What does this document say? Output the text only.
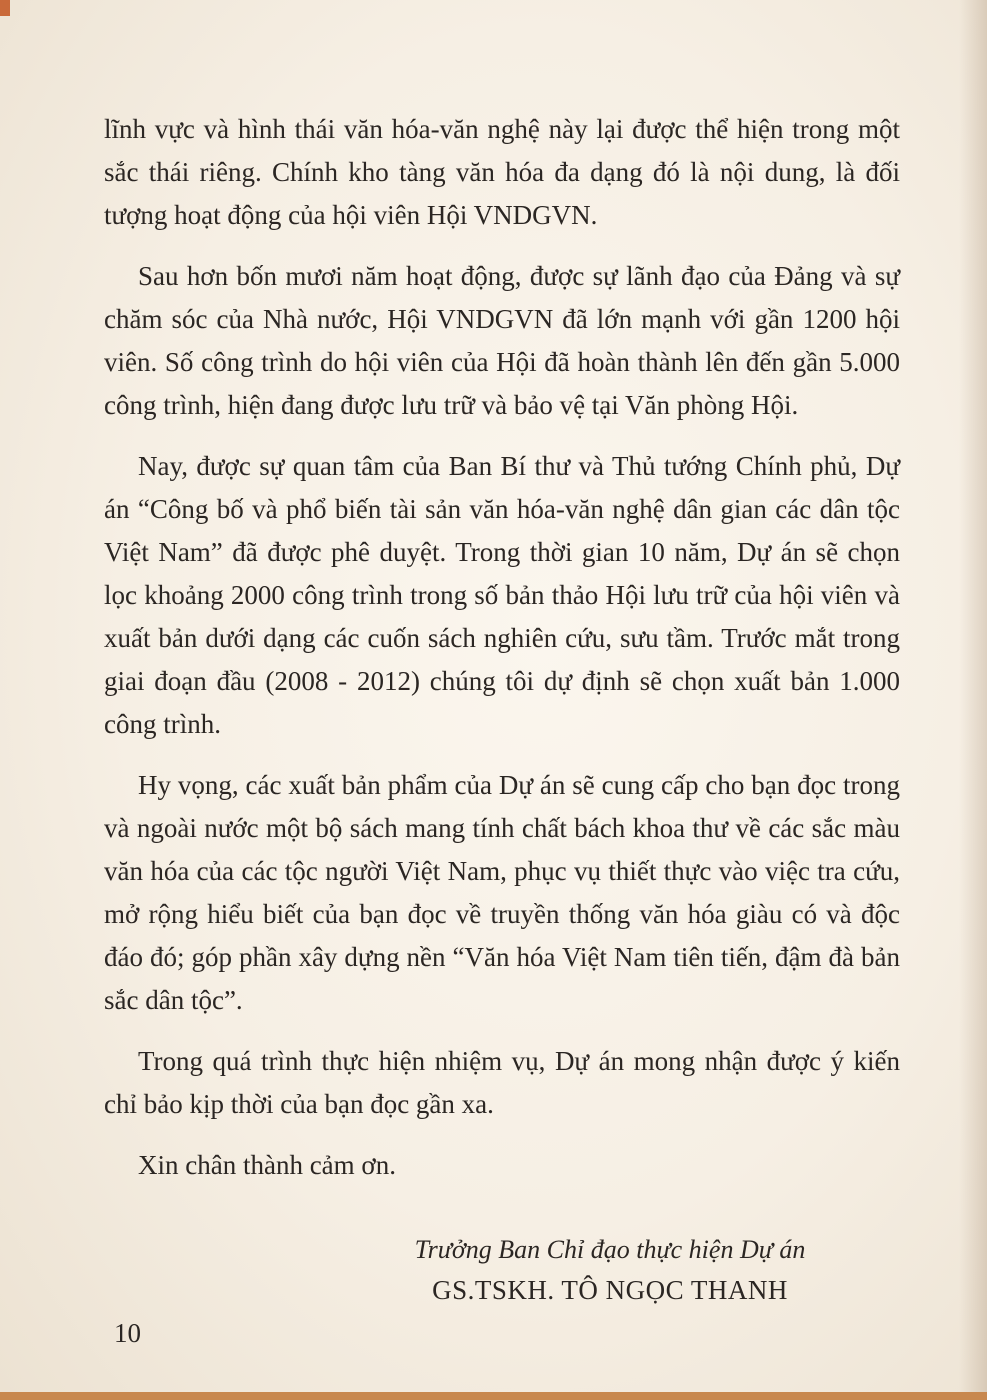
lĩnh vực và hình thái văn hóa-văn nghệ này lại được thể hiện trong một sắc thái riêng. Chính kho tàng văn hóa đa dạng đó là nội dung, là đối tượng hoạt động của hội viên Hội VNDGVN.

Sau hơn bốn mươi năm hoạt động, được sự lãnh đạo của Đảng và sự chăm sóc của Nhà nước, Hội VNDGVN đã lớn mạnh với gần 1200 hội viên. Số công trình do hội viên của Hội đã hoàn thành lên đến gần 5.000 công trình, hiện đang được lưu trữ và bảo vệ tại Văn phòng Hội.

Nay, được sự quan tâm của Ban Bí thư và Thủ tướng Chính phủ, Dự án “Công bố và phổ biến tài sản văn hóa-văn nghệ dân gian các dân tộc Việt Nam” đã được phê duyệt. Trong thời gian 10 năm, Dự án sẽ chọn lọc khoảng 2000 công trình trong số bản thảo Hội lưu trữ của hội viên và xuất bản dưới dạng các cuốn sách nghiên cứu, sưu tầm. Trước mắt trong giai đoạn đầu (2008 - 2012) chúng tôi dự định sẽ chọn xuất bản 1.000 công trình.

Hy vọng, các xuất bản phẩm của Dự án sẽ cung cấp cho bạn đọc trong và ngoài nước một bộ sách mang tính chất bách khoa thư về các sắc màu văn hóa của các tộc người Việt Nam, phục vụ thiết thực vào việc tra cứu, mở rộng hiểu biết của bạn đọc về truyền thống văn hóa giàu có và độc đáo đó; góp phần xây dựng nền “Văn hóa Việt Nam tiên tiến, đậm đà bản sắc dân tộc”.

Trong quá trình thực hiện nhiệm vụ, Dự án mong nhận được ý kiến chỉ bảo kịp thời của bạn đọc gần xa.

Xin chân thành cảm ơn.

Trưởng Ban Chỉ đạo thực hiện Dự án
GS.TSKH. TÔ NGỌC THANH
10
